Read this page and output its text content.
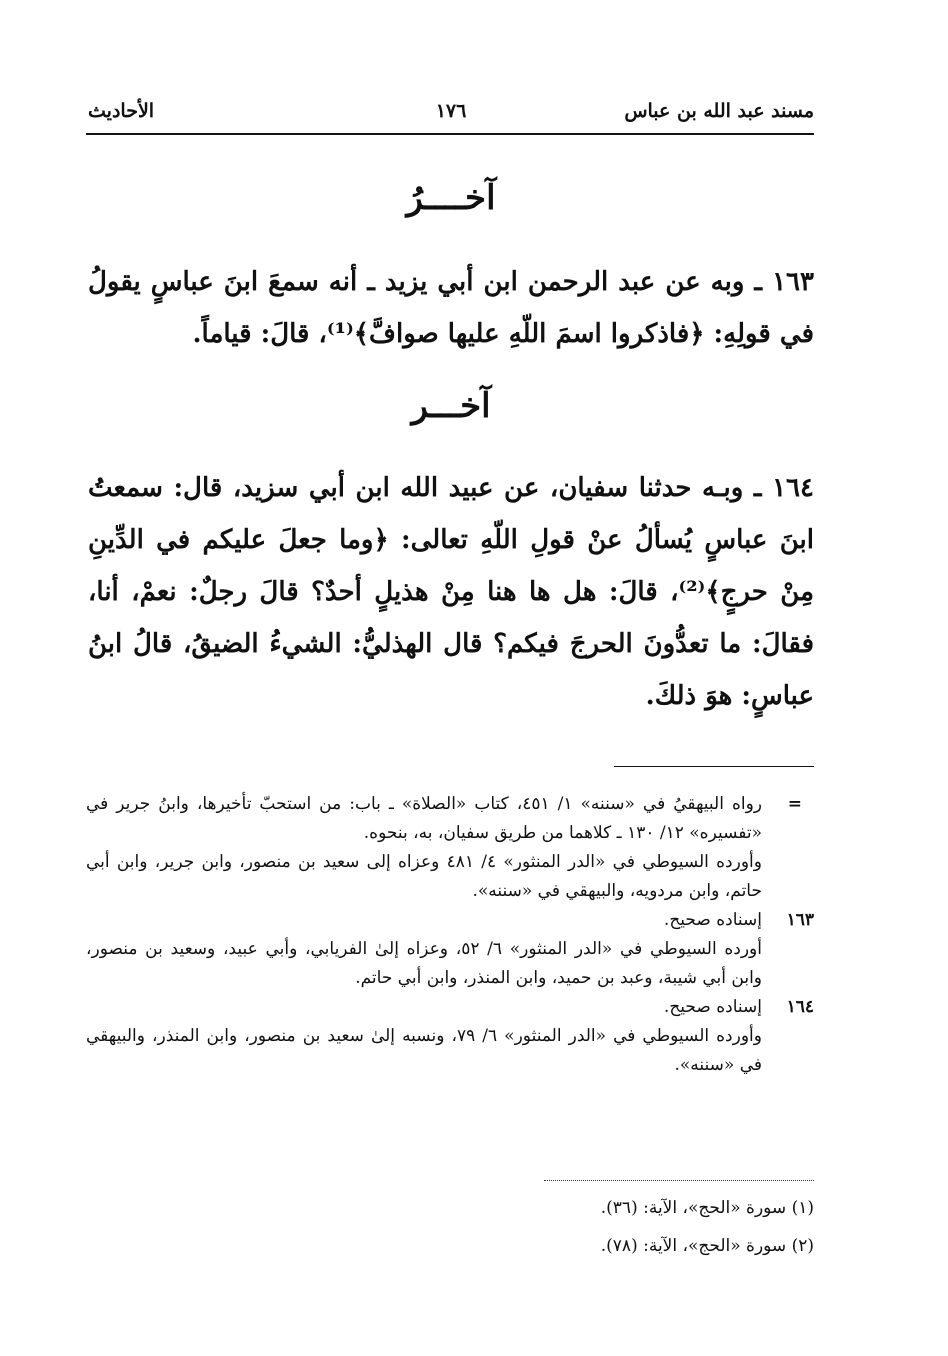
مسند عبد الله بن عباس
١٧٦
الأحاديث
آخــــرُ
١٦٣ ـ وبه عن عبد الرحمن ابن أبي يزيد ـ أنه سمعَ ابنَ عباسٍ يقولُ في قولِهِ: ﴿فاذكروا اسمَ اللّهِ عليها صوافَّ﴾⁽¹⁾، قالَ: قياماً.
آخـــر
١٦٤ ـ وبـه حدثنا سفيان، عن عبيد الله ابن أبي سزيد، قال: سمعتُ ابنَ عباسٍ يُسألُ عنْ قولِ اللّهِ تعالى: ﴿وما جعلَ عليكم في الدِّينِ مِنْ حرجٍ﴾⁽²⁾، قالَ: هل ها هنا مِنْ هذيلٍ أحدٌ؟ قالَ رجلٌ: نعمْ، أنا، فقالَ: ما تعدُّونَ الحرجَ فيكم؟ قال الهذليُّ: الشيءُ الضيقُ، قالُ ابنُ عباسٍ: هوَ ذلكَ.
=
رواه البيهقيُ في «سننه» ١/ ٤٥١، كتاب «الصلاة» ـ باب: من استحبّ تأخيرها، وابنُ جرير في «تفسيره» ١٢/ ١٣٠ ـ كلاهما من طريق سفيان، به، بنحوه.
وأورده السيوطي في «الدر المنثور» ٤/ ٤٨١ وعزاه إلى سعيد بن منصور، وابن جرير، وابن أبي حاتم، وابن مردويه، والبيهقي في «سننه».
١٦٣
إسناده صحيح.
أورده السيوطي في «الدر المنثور» ٦/ ٥٢، وعزاه إلىٰ الفريابي، وأبي عبيد، وسعيد بن منصور، وابن أبي شيبة، وعبد بن حميد، وابن المنذر، وابن أبي حاتم.
١٦٤
إسناده صحيح.
وأورده السيوطي في «الدر المنثور» ٦/ ٧٩، ونسبه إلىٰ سعيد بن منصور، وابن المنذر، والبيهقي في «سننه».
(١) سورة «الحج»، الآية: (٣٦).
(٢) سورة «الحج»، الآية: (٧٨).
